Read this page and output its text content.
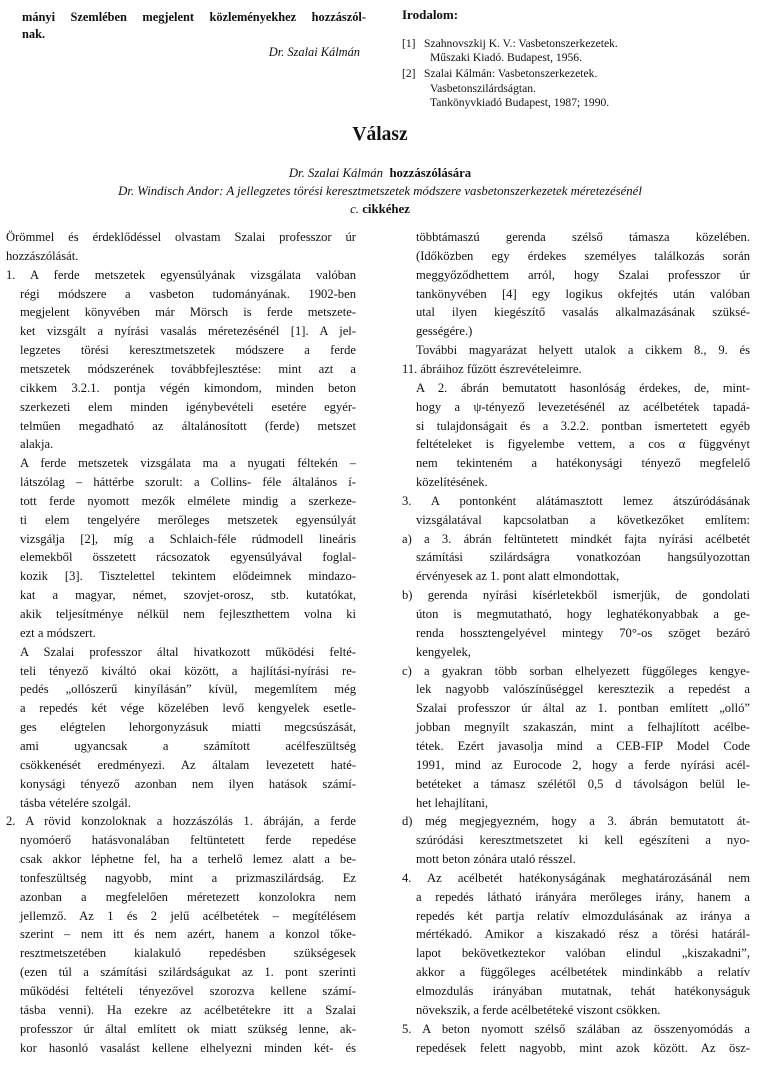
mányi Szemlében megjelent közleményekhez hozzászól-
nak.
Dr. Szalai Kálmán
Irodalom:
[1] Szahnovszkij K. V.: Vasbetonszerkezetek.
Műszaki Kiadó. Budapest, 1956.
[2] Szalai Kálmán: Vasbetonszerkezetek.
Vasbetonszilárdságtan.
Tankönyvkiadó Budapest, 1987; 1990.
Válasz
Dr. Szalai Kálmán hozzászólására
Dr. Windisch Andor: A jellegzetes törési keresztmetszetek módszere vasbetonszerkezetek méretezésénél
c. cikkéhez
Örömmel és érdeklődéssel olvastam Szalai professzor úr
hozzászólását.
1. A ferde metszetek egyensúlyának vizsgálata valóban
régi módszere a vasbeton tudományának. 1902-ben
megjelent könyvében már Mörsch is ferde metszete-
ket vizsgált a nyírási vasalás méretezésénél [1]. A jel-
legzetes törési keresztmetszetek módszere a ferde
metszetek módszerének továbbfejlesztése: mint azt a
cikkem 3.2.1. pontja végén kimondom, minden beton
szerkezeti elem minden igénybevételi esetére egyér-
telműen megadható az általánosított (ferde) metszet
alakja.
A ferde metszetek vizsgálata ma a nyugati féltekén –
látszólag – háttérbe szorult: a Collins- féle általános í-
tott ferde nyomott mezők elmélete mindig a szerkeze-
ti elem tengelyére merőleges metszetek egyensúlyát
vizsgálja [2], míg a Schlaich-féle rúdmodell lineáris
elemekből összetett rácsozatok egyensúlyával foglal-
kozik [3]. Tisztelettel tekintem elődeimnek mindazo-
kat a magyar, német, szovjet-orosz, stb. kutatókat,
akik teljesítménye nélkül nem fejleszthettem volna ki
ezt a módszert.
A Szalai professzor által hivatkozott működési felté-
teli tényező kiváltó okai között, a hajlítási-nyírási re-
pedés „ollószerű kinyílásán” kívül, megemlítem még
a repedés két vége közelében levő kengyelek esetle-
ges elégtelen lehorgonyzásuk miatti megcsúszását,
ami ugyancsak a számított acélfeszültség
csökkenését eredményezi. Az általam levezetett haté-
konysági tényező azonban nem ilyen hatások számí-
tásba vételére szolgál.
2. A rövid konzoloknak a hozzászólás 1. ábráján, a ferde
nyomóerő hatásvonalában feltüntetett ferde repedése
csak akkor léphetne fel, ha a terhelő lemez alatt a be-
tonfeszültség nagyobb, mint a prizmaszilárdság. Ez
azonban a megfelelően méretezett konzolokra nem
jellemző. Az 1 és 2 jelű acélbetétek – megítélésem
szerint – nem itt és nem azért, hanem a konzol tőke-
resztmetszetében kialakuló repedésben szükségesek
(ezen túl a számítási szilárdságukat az 1. pont szerinti
működési feltételi tényezővel szorozva kellene számí-
tásba venni). Ha ezekre az acélbetétekre itt a Szalai
professzor úr által említett ok miatt szükség lenne, ak-
kor hasonló vasalást kellene elhelyezni minden két- és
többtámaszú gerenda szélső támasza közelében.
(Időközben egy érdekes személyes találkozás során
meggyőződhettem arról, hogy Szalai professzor úr
tankönyvében [4] egy logikus okfejtés után valóban
utal ilyen kiegészítő vasalás alkalmazásának szüksé-
gességére.)
További magyarázat helyett utalok a cikkem 8., 9. és
11. ábráihoz fűzött észrevételeimre.
A 2. ábrán bemutatott hasonlóság érdekes, de, mint-
hogy a ψ-tényező levezetésénél az acélbetétek tapadá-
si tulajdonságait és a 3.2.2. pontban ismertetett egyéb
feltételeket is figyelembe vettem, a cos α függvényt
nem tekinteném a hatékonysági tényező megfelelő
közelítésének.
3. A pontonként alátámasztott lemez átszúródásának
vizsgálatával kapcsolatban a következőket említem:
a) a 3. ábrán feltüntetett mindkét fajta nyírási acélbetét
számítási szilárdságra vonatkozóan hangsúlyozottan
érvényesek az 1. pont alatt elmondottak,
b) gerenda nyírási kísérletekből ismerjük, de gondolati
úton is megmutatható, hogy leghatékonyabbak a ge-
renda hossztengelyével mintegy 70°-os szöget bezáró
kengyelek,
c) a gyakran több sorban elhelyezett függőleges kengye-
lek nagyobb valószínűséggel keresztezik a repedést a
Szalai professzor úr által az 1. pontban említett „olló”
jobban megnyílt szakaszán, mint a felhajlított acélbe-
tétek. Ezért javasolja mind a CEB-FIP Model Code
1991, mind az Eurocode 2, hogy a ferde nyírási acél-
betéteket a támasz szélétől 0,5 d távolságon belül le-
het lehajlítani,
d) még megjegyezném, hogy a 3. ábrán bemutatott át-
szúródási keresztmetszetet ki kell egészíteni a nyo-
mott beton zónára utaló résszel.
4. Az acélbetét hatékonyságának meghatározásánál nem
a repedés látható irányára merőleges irány, hanem a
repedés két partja relatív elmozdulásának az iránya a
mértékadó. Amikor a kiszakadó rész a törési határál-
lapot bekövetkeztekor valóban elindul „kiszakadni”,
akkor a függőleges acélbetétek mindinkább a relatív
elmozdulás irányában mutatnak, tehát hatékonyságuk
növekszik, a ferde acélbetéteké viszont csökken.
5. A beton nyomott szélső szálában az összenyomódás a
repedések felett nagyobb, mint azok között. Az ösz-
